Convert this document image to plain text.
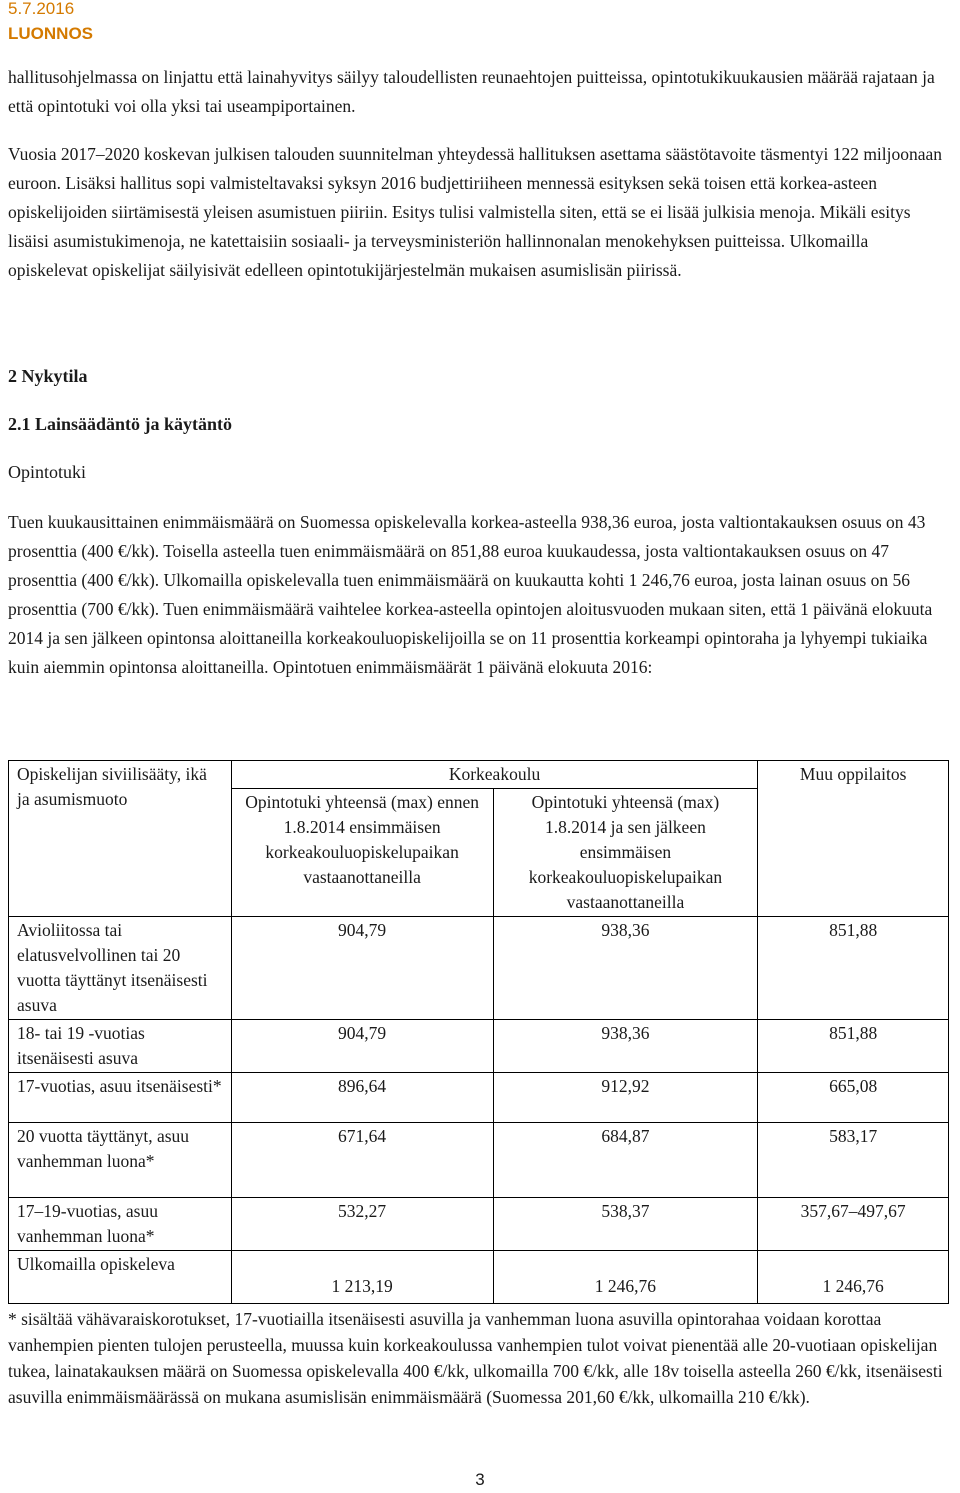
5.7.2016
LUONNOS

hallitusohjelmassa on linjattu että lainahyvitys säilyy taloudellisten reunaehtojen puitteissa, opintotukikuukausien määrää rajataan ja että opintotuki voi olla yksi tai useampiportainen.

Vuosia 2017–2020 koskevan julkisen talouden suunnitelman yhteydessä hallituksen asettama säästötavoite täsmentyi 122 miljoonaan euroon. Lisäksi hallitus sopi valmisteltavaksi syksyn 2016 budjettiriiheen mennessä esityksen sekä toisen että korkea-asteen opiskelijoiden siirtämisestä yleisen asumistuen piiriin. Esitys tulisi valmistella siten, että se ei lisää julkisia menoja. Mikäli esitys lisäisi asumistukimenoja, ne katettaisiin sosiaali- ja terveysministeriön hallinnonalan menokehyksen puitteissa. Ulkomailla opiskelevat opiskelijat säilyisivät edelleen opintotukijärjestelmän mukaisen asumislisän piirissä.

2 Nykytila
2.1 Lainsäädäntö ja käytäntö
Opintotuki

Tuen kuukausittainen enimmäismäärä on Suomessa opiskelevalla korkea-asteella 938,36 euroa, josta valtiontakauksen osuus on 43 prosenttia (400 €/kk). Toisella asteella tuen enimmäismäärä on 851,88 euroa kuukaudessa, josta valtiontakauksen osuus on 47 prosenttia (400 €/kk). Ulkomailla opiskelevalla tuen enimmäismäärä on kuukautta kohti 1 246,76 euroa, josta lainan osuus on 56 prosenttia (700 €/kk). Tuen enimmäismäärä vaihtelee korkea-asteella opintojen aloitusvuoden mukaan siten, että 1 päivänä elokuuta 2014 ja sen jälkeen opintonsa aloittaneilla korkeakouluopiskelijoilla se on 11 prosenttia korkeampi opintoraha ja lyhyempi tukiaika kuin aiemmin opintonsa aloittaneilla. Opintotuen enimmäismäärät 1 päivänä elokuuta 2016:

Opiskelijan siviilisääty, ikä ja asumismuoto	Korkeakoulu		Muu oppilaitos
	Opintotuki yhteensä (max) ennen 1.8.2014 ensimmäisen korkeakouluopiskelupaikan vastaanottaneilla	Opintotuki yhteensä (max) 1.8.2014 ja sen jälkeen ensimmäisen korkeakouluopiskelupaikan vastaanottaneilla	
Avioliitossa tai elatusvelvollinen tai 20 vuotta täyttänyt itsenäisesti asuva	904,79	938,36	851,88
18- tai 19 -vuotias itsenäisesti asuva	904,79	938,36	851,88
17-vuotias, asuu itsenäisesti*	896,64	912,92	665,08
20 vuotta täyttänyt, asuu vanhemman luona*	671,64	684,87	583,17
17–19-vuotias, asuu vanhemman luona*	532,27	538,37	357,67–497,67
Ulkomailla opiskeleva	1 213,19	1 246,76	1 246,76

* sisältää vähävaraiskorotukset, 17-vuotiailla itsenäisesti asuvilla ja vanhemman luona asuvilla opintorahaa voidaan korottaa vanhempien pienten tulojen perusteella, muussa kuin korkeakoulussa vanhempien tulot voivat pienentää alle 20-vuotiaan opiskelijan tukea, lainatakauksen määrä on Suomessa opiskelevalla 400 €/kk, ulkomailla 700 €/kk, alle 18v toisella asteella 260 €/kk, itsenäisesti asuvilla enimmäismäärässä on mukana asumislisän enimmäismäärä (Suomessa 201,60 €/kk, ulkomailla 210 €/kk).

3
